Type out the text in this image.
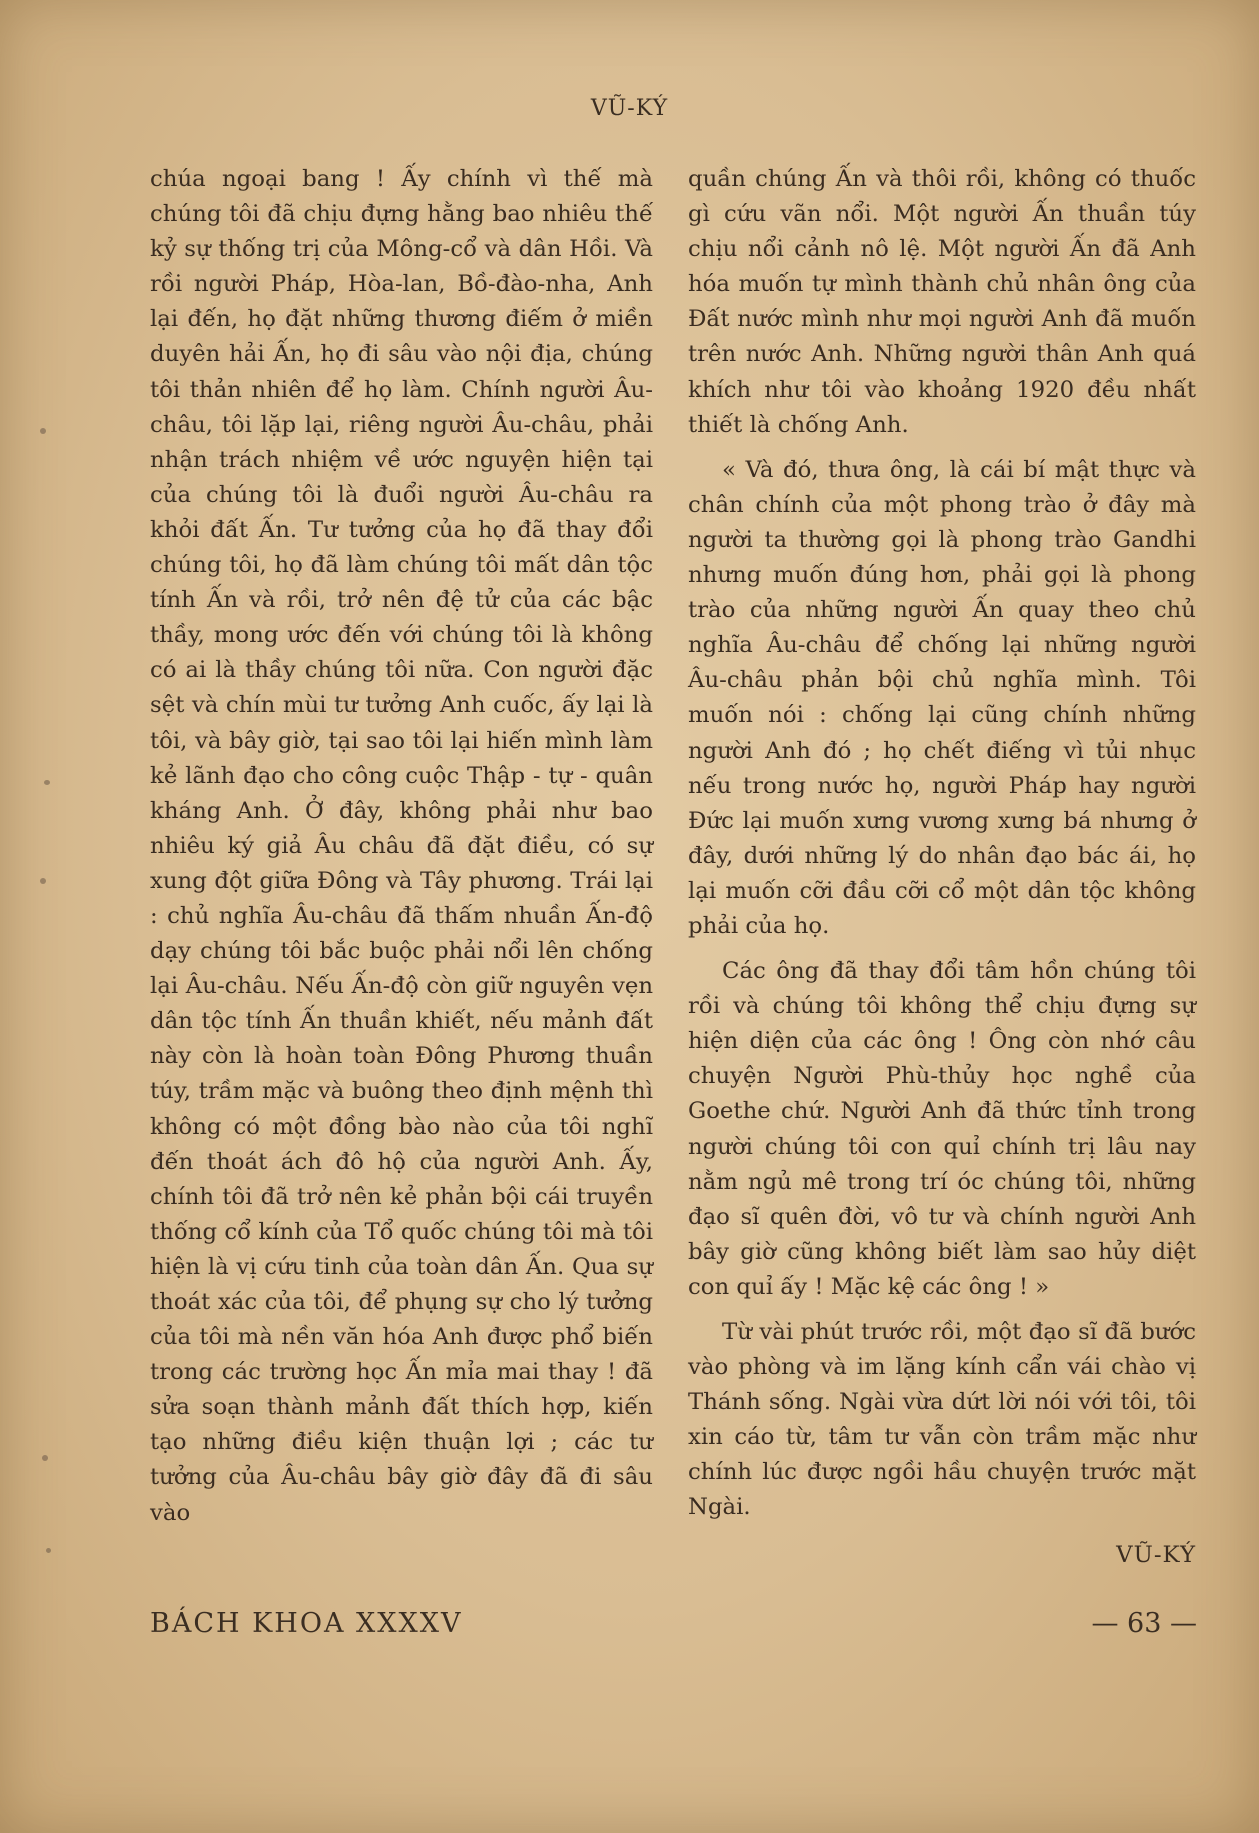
VŨ-KÝ

chúa ngoại bang ! Ấy chính vì thế mà chúng tôi đã chịu đựng hằng bao nhiêu thế kỷ sự thống trị của Mông-cổ và dân Hồi. Và rồi người Pháp, Hòa-lan, Bồ-đào-nha, Anh lại đến, họ đặt những thương điếm ở miền duyên hải Ấn, họ đi sâu vào nội địa, chúng tôi thản nhiên để họ làm. Chính người Âu-châu, tôi lặp lại, riêng người Âu-châu, phải nhận trách nhiệm về ước nguyện hiện tại của chúng tôi là đuổi người Âu-châu ra khỏi đất Ấn. Tư tưởng của họ đã thay đổi chúng tôi, họ đã làm chúng tôi mất dân tộc tính Ấn và rồi, trở nên đệ tử của các bậc thầy, mong ước đến với chúng tôi là không có ai là thầy chúng tôi nữa. Con người đặc sệt và chín mùi tư tưởng Anh cuốc, ấy lại là tôi, và bây giờ, tại sao tôi lại hiến mình làm kẻ lãnh đạo cho công cuộc Thập - tự - quân kháng Anh. Ở đây, không phải như bao nhiêu ký giả Âu châu đã đặt điều, có sự xung đột giữa Đông và Tây phương. Trái lại : chủ nghĩa Âu-châu đã thấm nhuần Ấn-độ dạy chúng tôi bắc buộc phải nổi lên chống lại Âu-châu. Nếu Ấn-độ còn giữ nguyên vẹn dân tộc tính Ấn thuần khiết, nếu mảnh đất này còn là hoàn toàn Đông Phương thuần túy, trầm mặc và buông theo định mệnh thì không có một đồng bào nào của tôi nghĩ đến thoát ách đô hộ của người Anh. Ấy, chính tôi đã trở nên kẻ phản bội cái truyền thống cổ kính của Tổ quốc chúng tôi mà tôi hiện là vị cứu tinh của toàn dân Ấn. Qua sự thoát xác của tôi, để phụng sự cho lý tưởng của tôi mà nền văn hóa Anh được phổ biến trong các trường học Ấn mỉa mai thay ! đã sửa soạn thành mảnh đất thích hợp, kiến tạo những điều kiện thuận lợi ; các tư tưởng của Âu-châu bây giờ đây đã đi sâu vào

quần chúng Ấn và thôi rồi, không có thuốc gì cứu vãn nổi. Một người Ấn thuần túy chịu nổi cảnh nô lệ. Một người Ấn đã Anh hóa muốn tự mình thành chủ nhân ông của Đất nước mình như mọi người Anh đã muốn trên nước Anh. Những người thân Anh quá khích như tôi vào khoảng 1920 đều nhất thiết là chống Anh.

« Và đó, thưa ông, là cái bí mật thực và chân chính của một phong trào ở đây mà người ta thường gọi là phong trào Gandhi nhưng muốn đúng hơn, phải gọi là phong trào của những người Ấn quay theo chủ nghĩa Âu-châu để chống lại những người Âu-châu phản bội chủ nghĩa mình. Tôi muốn nói : chống lại cũng chính những người Anh đó ; họ chết điếng vì tủi nhục nếu trong nước họ, người Pháp hay người Đức lại muốn xưng vương xưng bá nhưng ở đây, dưới những lý do nhân đạo bác ái, họ lại muốn cỡi đầu cỡi cổ một dân tộc không phải của họ.

Các ông đã thay đổi tâm hồn chúng tôi rồi và chúng tôi không thể chịu đựng sự hiện diện của các ông ! Ông còn nhớ câu chuyện Người Phù-thủy học nghề của Goethe chứ. Người Anh đã thức tỉnh trong người chúng tôi con quỉ chính trị lâu nay nằm ngủ mê trong trí óc chúng tôi, những đạo sĩ quên đời, vô tư và chính người Anh bây giờ cũng không biết làm sao hủy diệt con quỉ ấy ! Mặc kệ các ông ! »

Từ vài phút trước rồi, một đạo sĩ đã bước vào phòng và im lặng kính cẩn vái chào vị Thánh sống. Ngài vừa dứt lời nói với tôi, tôi xin cáo từ, tâm tư vẫn còn trầm mặc như chính lúc được ngồi hầu chuyện trước mặt Ngài.

VŨ-KÝ
BÁCH KHOA XXXXV	— 63 —
